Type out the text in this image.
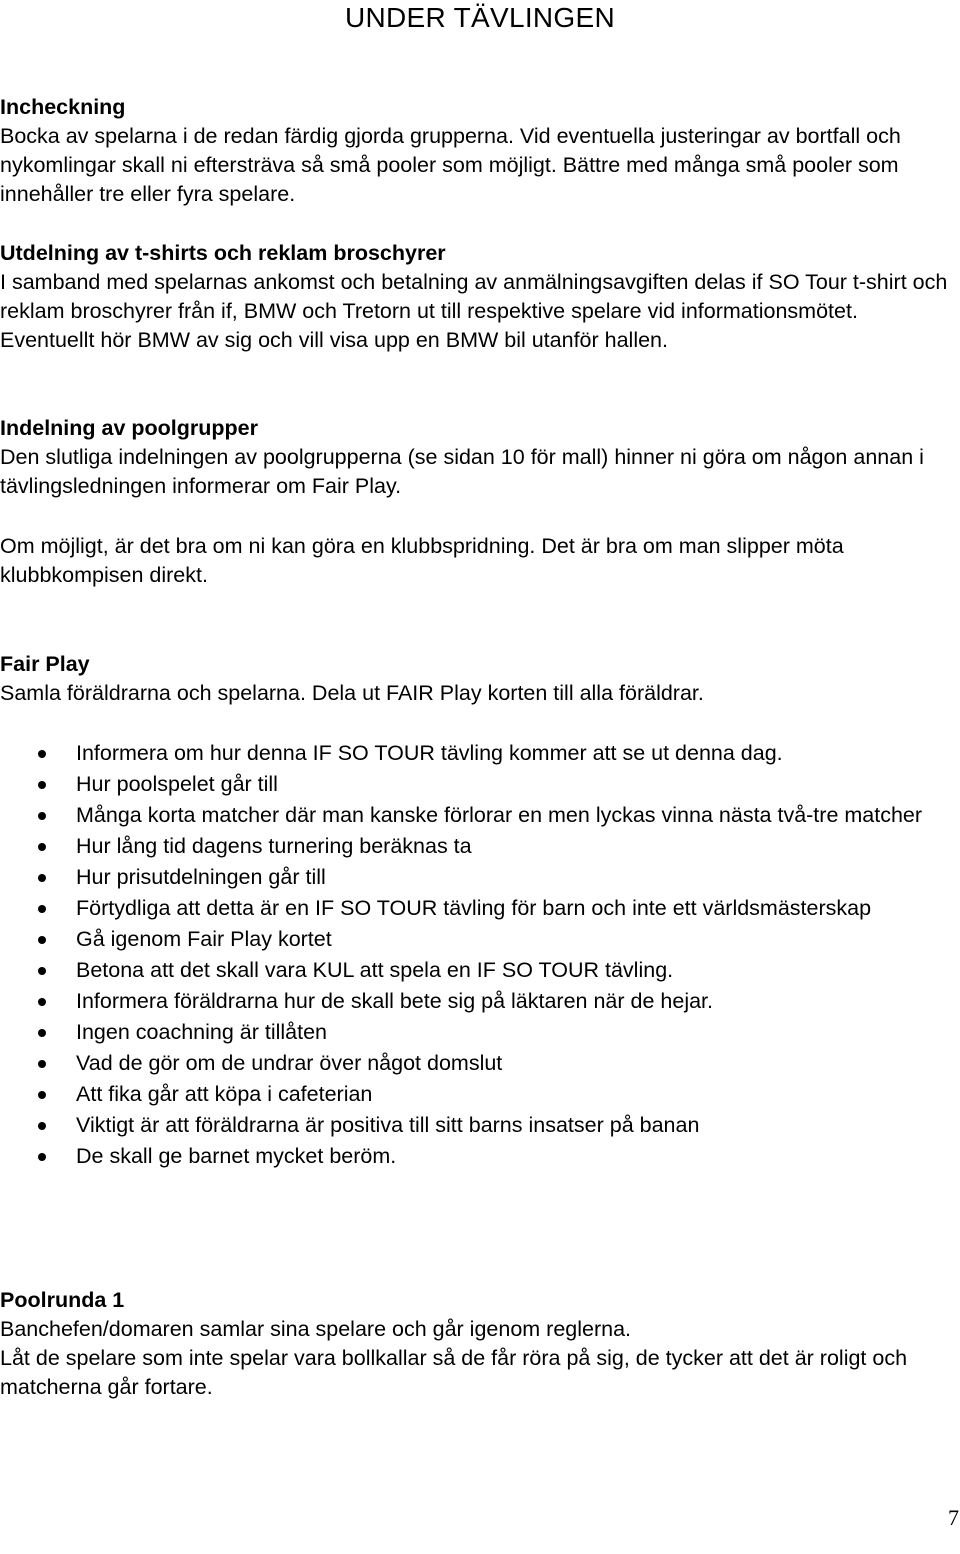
UNDER TÄVLINGEN

Incheckning

Bocka av spelarna i de redan färdig gjorda grupperna. Vid eventuella justeringar av bortfall och nykomlingar skall ni eftersträva så små pooler som möjligt. Bättre med många små pooler som innehåller tre eller fyra spelare.

Utdelning av t-shirts och reklam broschyrer

I samband med spelarnas ankomst och betalning av anmälningsavgiften delas if SO Tour t-shirt och reklam broschyrer från if, BMW och Tretorn ut till respektive spelare vid informationsmötet. Eventuellt hör BMW av sig och vill visa upp en BMW bil utanför hallen.

Indelning av poolgrupper

Den slutliga indelningen av poolgrupperna (se sidan 10 för mall) hinner ni göra om någon annan i tävlingsledningen informerar om Fair Play.

Om möjligt, är det bra om ni kan göra en klubbspridning. Det är bra om man slipper möta klubbkompisen direkt.

Fair Play

Samla föräldrarna och spelarna. Dela ut FAIR Play korten till alla föräldrar.

Informera om hur denna IF SO TOUR tävling kommer att se ut denna dag.
Hur poolspelet går till
Många korta matcher där man kanske förlorar en men lyckas vinna nästa två-tre matcher
Hur lång tid dagens turnering beräknas ta
Hur prisutdelningen går till
Förtydliga att detta är en IF SO TOUR tävling för barn och inte ett världsmästerskap
Gå igenom Fair Play kortet
Betona att det skall vara KUL att spela en IF SO TOUR tävling.
Informera föräldrarna hur de skall bete sig på läktaren när de hejar.
Ingen coachning är tillåten
Vad de gör om de undrar över något domslut
Att fika går att köpa i cafeterian
Viktigt är att föräldrarna är positiva till sitt barns insatser på banan
De skall ge barnet mycket beröm.

Poolrunda 1

Banchefen/domaren samlar sina spelare och går igenom reglerna.

Låt de spelare som inte spelar vara bollkallar så de får röra på sig, de tycker att det är roligt och matcherna går fortare.

7
